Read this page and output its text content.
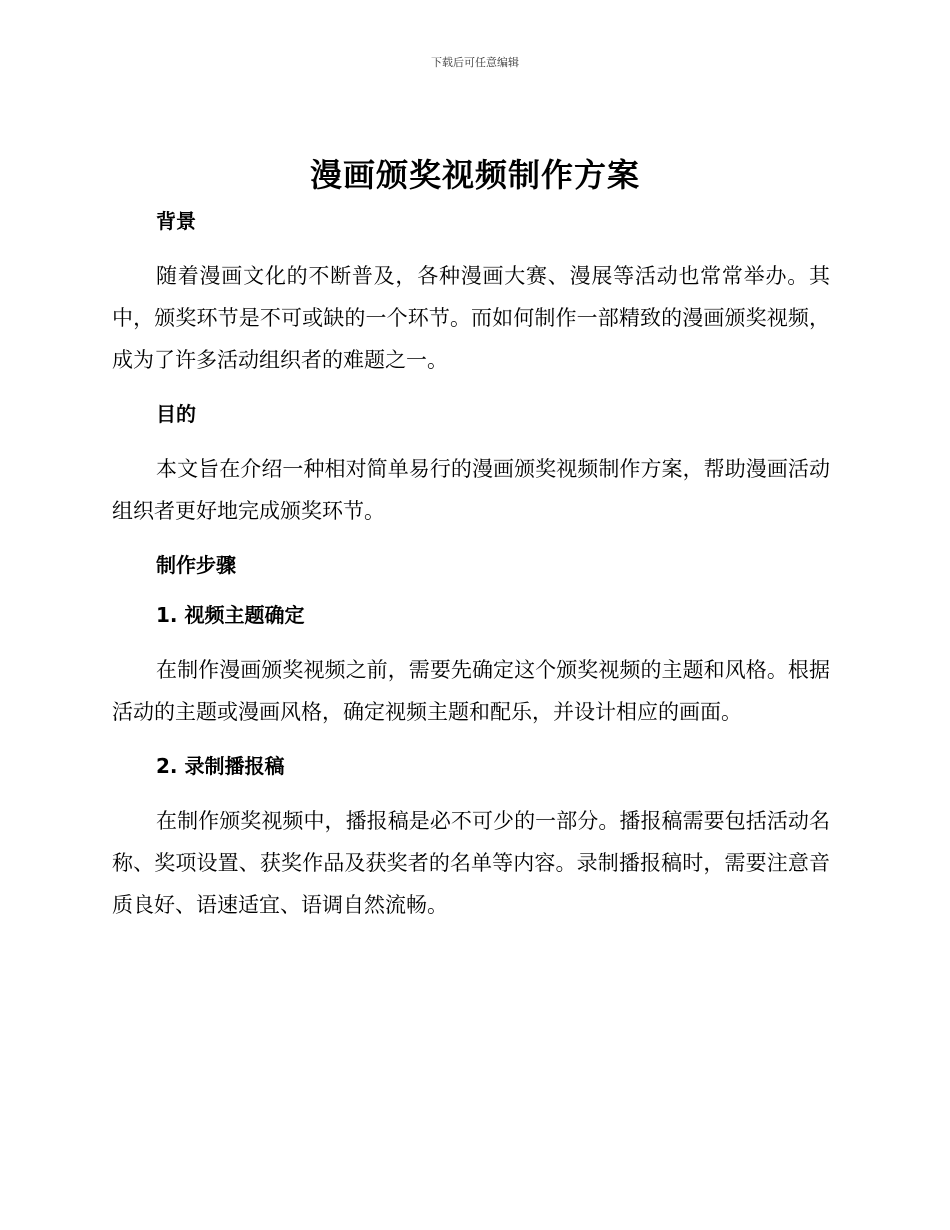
下载后可任意编辑
漫画颁奖视频制作方案

背景

随着漫画文化的不断普及，各种漫画大赛、漫展等活动也常常举办。其中，颁奖环节是不可或缺的一个环节。而如何制作一部精致的漫画颁奖视频，成为了许多活动组织者的难题之一。

目的

本文旨在介绍一种相对简单易行的漫画颁奖视频制作方案，帮助漫画活动组织者更好地完成颁奖环节。

制作步骤

1. 视频主题确定

在制作漫画颁奖视频之前，需要先确定这个颁奖视频的主题和风格。根据活动的主题或漫画风格，确定视频主题和配乐，并设计相应的画面。

2. 录制播报稿

在制作颁奖视频中，播报稿是必不可少的一部分。播报稿需要包括活动名称、奖项设置、获奖作品及获奖者的名单等内容。录制播报稿时，需要注意音质良好、语速适宜、语调自然流畅。
